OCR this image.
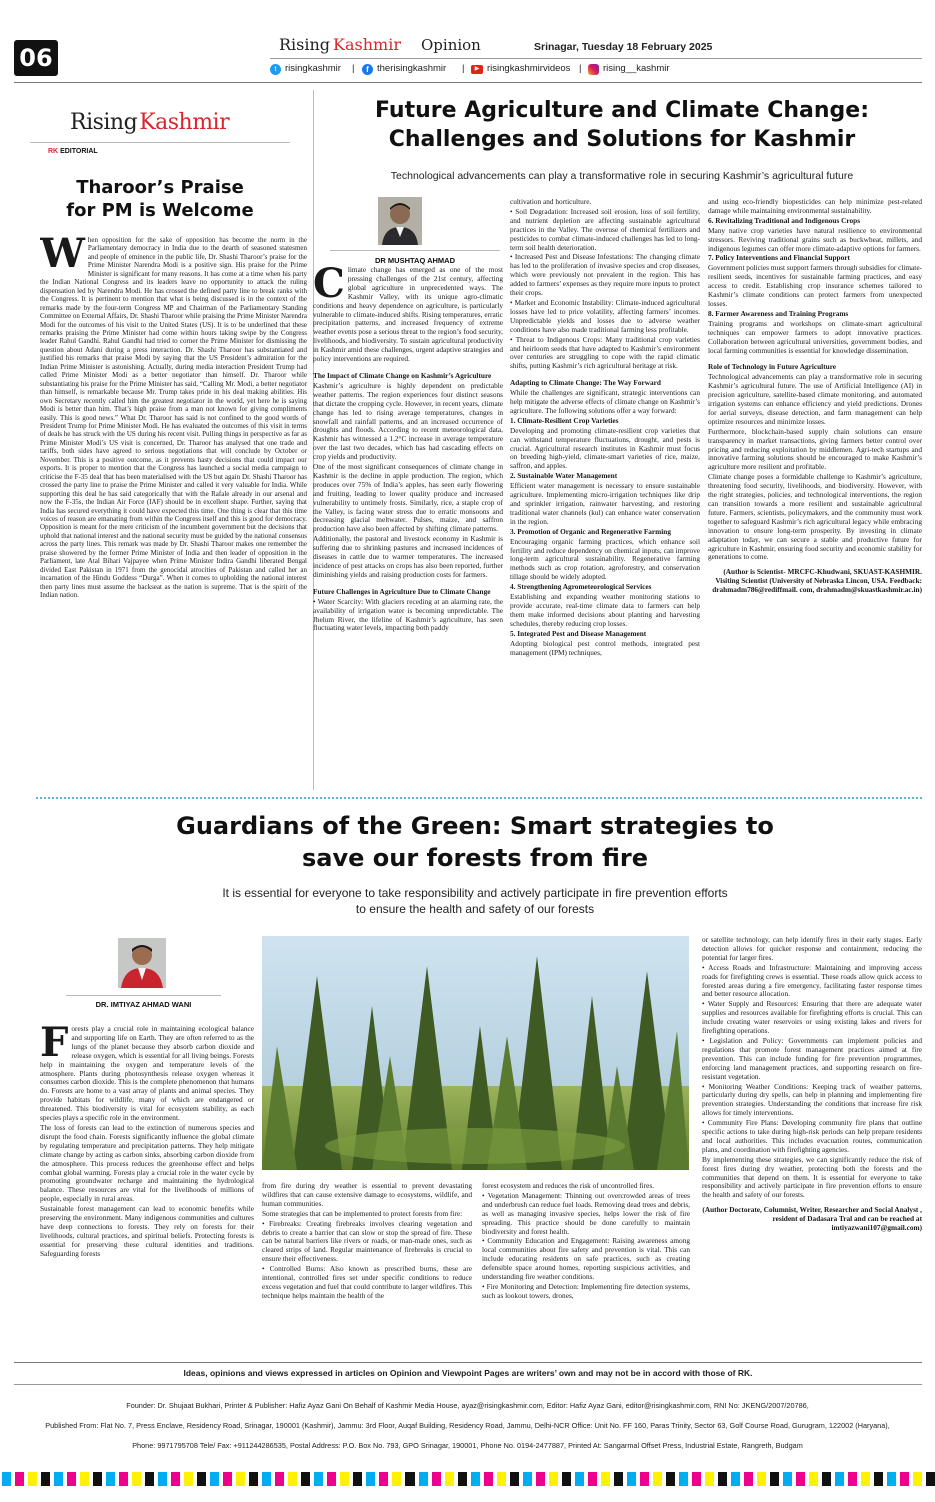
06	Rising Kashmir Opinion	Srinagar, Tuesday 18 February 2025
t risingkashmir |	f therisingkashmir |	▶ risingkashmirvideos | rising__kashmir
RisingKashmir
RK EDITORIAL
Tharoor’s Praise for PM is Welcome
W hen opposition for the sake of opposition has become the norm in the Parliamentary democracy in India due to the dearth of seasoned statesmen and people of eminence in the public life, Dr. Shashi Tharoor’s praise for the Prime Minister Narendra Modi is a positive sign. His praise for the Prime Minister is significant for many reasons. It has come at a time when his party the Indian National Congress and its leaders leave no opportunity to attack the ruling dispensation led by Narendra Modi. He has crossed the defined party line to break ranks with the Congress. It is pertinent to mention that what is being discussed is in the context of the remarks made by the four-term Congress MP and Chairman of the Parliamentary Standing Committee on External Affairs, Dr. Shashi Tharoor while praising the Prime Minister Narendra Modi for the outcomes of his visit to the United States (US). It is to be underlined that these remarks praising the Prime Minister had come within hours taking swipe by the Congress leader Rahul Gandhi. Rahul Gandhi had tried to corner the Prime Minister for dismissing the question about Adani during a press interaction. Dr. Shashi Tharoor has substantiated and justified his remarks that praise Modi by saying that the US President’s admiration for the Indian Prime Minister is astonishing. Actually, during media interaction President Trump had called Prime Minister Modi as a better negotiator than himself. Dr. Tharoor while substantiating his praise for the Prime Minister has said, “Calling Mr. Modi, a better negotiator than himself, is remarkable because Mr. Trump takes pride in his deal making abilities. His own Secretary recently called him the greatest negotiator in the world, yet here he is saying Modi is better than him. That’s high praise from a man not known for giving compliments easily. This is good news.” What Dr. Tharoor has said is not confined to the good words of President Trump for Prime Minister Modi. He has evaluated the outcomes of this visit in terms of deals he has struck with the US during his recent visit. Pulling things in perspective as far as Prime Minister Modi’s US visit is concerned, Dr. Tharoor has analysed that one trade and tariffs, both sides have agreed to serious negotiations that will conclude by October or November. This is a positive outcome, as it prevents hasty decisions that could impact our exports. It is proper to mention that the Congress has launched a social media campaign to criticise the F-35 deal that has been materialised with the US but again Dr. Shashi Tharoor has crossed the party line to praise the Prime Minister and called it very valuable for India. While supporting this deal he has said categorically that with the Rafale already in our arsenal and now the F-35s, the Indian Air Force (IAF) should be in excellent shape. Further, saying that India has secured everything it could have expected this time. One thing is clear that this time voices of reason are emanating from within the Congress itself and this is good for democracy. Opposition is meant for the mere criticism of the incumbent government but the decisions that uphold that national interest and the national security must be guided by the national consensus across the party lines. This remark was made by Dr. Shashi Tharoor makes one remember the praise showered by the former Prime Minister of India and then leader of opposition in the Parliament, late Atal Bihari Vajpayee when Prime Minister Indira Gandhi liberated Bengal divided East Pakistan in 1971 from the genocidal atrocities of Pakistan and called her an incarnation of the Hindu Goddess “Durga”. When it comes to upholding the national interest then party lines must assume the backseat as the nation is supreme. That is the spirit of the Indian nation.

Future Agriculture and Climate Change:
Challenges and Solutions for Kashmir
Technological advancements can play a transformative role in securing Kashmir’s agricultural future
DR MUSHTAQ AHMAD
C limate change has emerged as one of the most pressing challenges of the 21st century, affecting global agriculture in unprecedented ways. The Kashmir Valley, with its unique agro-climatic conditions and heavy dependence on agriculture, is particularly vulnerable to climate-induced shifts. Rising temperatures, erratic precipitation patterns, and increased frequency of extreme weather events pose a serious threat to the region’s food security, livelihoods, and biodiversity. To sustain agricultural productivity in Kashmir amid these challenges, urgent adaptive strategies and policy interventions are required.

The Impact of Climate Change on Kashmir’s Agriculture

Kashmir’s agriculture is highly dependent on predictable weather patterns. The region experiences four distinct seasons that dictate the cropping cycle. However, in recent years, climate change has led to rising average temperatures, changes in snowfall and rainfall patterns, and an increased occurrence of droughts and floods. According to recent meteorological data, Kashmir has witnessed a 1.2°C increase in average temperature over the last two decades, which has had cascading effects on crop yields and productivity.

One of the most significant consequences of climate change in Kashmir is the decline in apple production. The region, which produces over 75% of India’s apples, has seen early flowering and fruiting, leading to lower quality produce and increased vulnerability to untimely frosts. Similarly, rice, a staple crop of the Valley, is facing water stress due to erratic monsoons and decreasing glacial meltwater. Pulses, maize, and saffron production have also been affected by shifting climate patterns.

Additionally, the pastoral and livestock economy in Kashmir is suffering due to shrinking pastures and increased incidences of diseases in cattle due to warmer temperatures. The increased incidence of pest attacks on crops has also been reported, further diminishing yields and raising production costs for farmers.

Future Challenges in Agriculture Due to Climate Change

• Water Scarcity: With glaciers receding at an alarming rate, the availability of irrigation water is becoming unpredictable. The Jhelum River, the lifeline of Kashmir’s agriculture, has seen fluctuating water levels, impacting both paddy

cultivation and horticulture.

• Soil Degradation: Increased soil erosion, loss of soil fertility, and nutrient depletion are affecting sustainable agricultural practices in the Valley. The overuse of chemical fertilizers and pesticides to combat climate-induced challenges has led to long-term soil health deterioration.

• Increased Pest and Disease Infestations: The changing climate has led to the proliferation of invasive species and crop diseases, which were previously not prevalent in the region. This has added to farmers’ expenses as they require more inputs to protect their crops.

• Market and Economic Instability: Climate-induced agricultural losses have led to price volatility, affecting farmers’ incomes. Unpredictable yields and losses due to adverse weather conditions have also made traditional farming less profitable.

• Threat to Indigenous Crops: Many traditional crop varieties and heirloom seeds that have adapted to Kashmir’s environment over centuries are struggling to cope with the rapid climatic shifts, putting Kashmir’s rich agricultural heritage at risk.

Adapting to Climate Change: The Way Forward

While the challenges are significant, strategic interventions can help mitigate the adverse effects of climate change on Kashmir’s agriculture. The following solutions offer a way forward:

1. Climate-Resilient Crop Varieties

Developing and promoting climate-resilient crop varieties that can withstand temperature fluctuations, drought, and pests is crucial. Agricultural research institutes in Kashmir must focus on breeding high-yield, climate-smart varieties of rice, maize, saffron, and apples.

2. Sustainable Water Management

Efficient water management is necessary to ensure sustainable agriculture. Implementing micro-irrigation techniques like drip and sprinkler irrigation, rainwater harvesting, and restoring traditional water channels (kul) can enhance water conservation in the region.

3. Promotion of Organic and Regenerative Farming

Encouraging organic farming practices, which enhance soil fertility and reduce dependency on chemical inputs, can improve long-term agricultural sustainability. Regenerative farming methods such as crop rotation, agroforestry, and conservation tillage should be widely adopted.

4. Strengthening Agrometeorological Services

Establishing and expanding weather monitoring stations to provide accurate, real-time climate data to farmers can help them make informed decisions about planting and harvesting schedules, thereby reducing crop losses.

5. Integrated Pest and Disease Management

Adopting biological pest control methods, integrated pest management (IPM) techniques,

and using eco-friendly biopesticides can help minimize pest-related damage while maintaining environmental sustainability.

6. Revitalizing Traditional and Indigenous Crops

Many native crop varieties have natural resilience to environmental stressors. Reviving traditional grains such as buckwheat, millets, and indigenous legumes can offer more climate-adaptive options for farmers.

7. Policy Interventions and Financial Support

Government policies must support farmers through subsidies for climate-resilient seeds, incentives for sustainable farming practices, and easy access to credit. Establishing crop insurance schemes tailored to Kashmir’s climate conditions can protect farmers from unexpected losses.

8. Farmer Awareness and Training Programs

Training programs and workshops on climate-smart agricultural techniques can empower farmers to adopt innovative practices. Collaboration between agricultural universities, government bodies, and local farming communities is essential for knowledge dissemination.

Role of Technology in Future Agriculture

Technological advancements can play a transformative role in securing Kashmir’s agricultural future. The use of Artificial Intelligence (AI) in precision agriculture, satellite-based climate monitoring, and automated irrigation systems can enhance efficiency and yield predictions. Drones for aerial surveys, disease detection, and farm management can help optimize resources and minimize losses.

Furthermore, blockchain-based supply chain solutions can ensure transparency in market transactions, giving farmers better control over pricing and reducing exploitation by middlemen. Agri-tech startups and innovative farming solutions should be encouraged to make Kashmir’s agriculture more resilient and profitable.

Climate change poses a formidable challenge to Kashmir’s agriculture, threatening food security, livelihoods, and biodiversity. However, with the right strategies, policies, and technological interventions, the region can transition towards a more resilient and sustainable agricultural future. Farmers, scientists, policymakers, and the community must work together to safeguard Kashmir’s rich agricultural legacy while embracing innovation to ensure long-term prosperity. By investing in climate adaptation today, we can secure a stable and productive future for agriculture in Kashmir, ensuring food security and economic stability for generations to come.

(Author is Scientist- MRCFC-Khudwani, SKUAST-KASHMIR. Visiting Scientist (University of Nebraska Lincon, USA. Feedback: drahmadm786@rediffmail. com, drahmadm@skuastkashmir.ac.in)

Guardians of the Green: Smart strategies to
save our forests from fire
It is essential for everyone to take responsibility and actively participate in fire prevention efforts
to ensure the health and safety of our forests
DR. IMTIYAZ AHMAD WANI
F orests play a crucial role in maintaining ecological balance and supporting life on Earth. They are often referred to as the lungs of the planet because they absorb carbon dioxide and release oxygen, which is essential for all living beings. Forests help in maintaining the oxygen and temperature levels of the atmosphere. Plants during photosynthesis release oxygen whereas it consumes carbon dioxide. This is the complete phenomenon that humans do. Forests are home to a vast array of plants and animal species. They provide habitats for wildlife, many of which are endangered or threatened. This biodiversity is vital for ecosystem stability, as each species plays a specific role in the environment.

The loss of forests can lead to the extinction of numerous species and disrupt the food chain. Forests significantly influence the global climate by regulating temperature and precipitation patterns. They help mitigate climate change by acting as carbon sinks, absorbing carbon dioxide from the atmosphere. This process reduces the greenhouse effect and helps combat global warming. Forests play a crucial role in the water cycle by promoting groundwater recharge and maintaining the hydrological balance. These resources are vital for the livelihoods of millions of people, especially in rural areas.

Sustainable forest management can lead to economic benefits while preserving the environment. Many indigenous communities and cultures have deep connections to forests. They rely on forests for their livelihoods, cultural practices, and spiritual beliefs. Protecting forests is essential for preserving these cultural identities and traditions. Safeguarding forests

from fire during dry weather is essential to prevent devastating wildfires that can cause extensive damage to ecosystems, wildlife, and human communities.

Some strategies that can be implemented to protect forests from fire:

• Firebreaks: Creating firebreaks involves clearing vegetation and debris to create a barrier that can slow or stop the spread of fire. These can be natural barriers like rivers or roads, or man-made ones, such as cleared strips of land. Regular maintenance of firebreaks is crucial to ensure their effectiveness.

• Controlled Burns: Also known as prescribed burns, these are intentional, controlled fires set under specific conditions to reduce excess vegetation and fuel that could contribute to larger wildfires. This technique helps maintain the health of the

forest ecosystem and reduces the risk of uncontrolled fires.

• Vegetation Management: Thinning out overcrowded areas of trees and underbrush can reduce fuel loads. Removing dead trees and debris, as well as managing invasive species, helps lower the risk of fire spreading. This practice should be done carefully to maintain biodiversity and forest health.

• Community Education and Engagement: Raising awareness among local communities about fire safety and prevention is vital. This can include educating residents on safe practices, such as creating defensible space around homes, reporting suspicious activities, and understanding fire weather conditions.

• Fire Monitoring and Detection: Implementing fire detection systems, such as lookout towers, drones,

or satellite technology, can help identify fires in their early stages. Early detection allows for quicker response and containment, reducing the potential for larger fires.

• Access Roads and Infrastructure: Maintaining and improving access roads for firefighting crews is essential. These roads allow quick access to forested areas during a fire emergency, facilitating faster response times and better resource allocation.

• Water Supply and Resources: Ensuring that there are adequate water supplies and resources available for firefighting efforts is crucial. This can include creating water reservoirs or using existing lakes and rivers for firefighting operations.

• Legislation and Policy: Governments can implement policies and regulations that promote forest management practices aimed at fire prevention. This can include funding for fire prevention programmes, enforcing land management practices, and supporting research on fire-resistant vegetation.

• Monitoring Weather Conditions: Keeping track of weather patterns, particularly during dry spells, can help in planning and implementing fire prevention strategies. Understanding the conditions that increase fire risk allows for timely interventions.

• Community Fire Plans: Developing community fire plans that outline specific actions to take during high-risk periods can help prepare residents and local authorities. This includes evacuation routes, communication plans, and coordination with firefighting agencies.

By implementing these strategies, we can significantly reduce the risk of forest fires during dry weather, protecting both the forests and the communities that depend on them. It is essential for everyone to take responsibility and actively participate in fire prevention efforts to ensure the health and safety of our forests.

(Author Doctorate, Columnist, Writer, Researcher and Social Analyst , resident of Dadasara Tral and can be reached at imtiyazwani107@gmail.com)

Ideas, opinions and views expressed in articles on Opinion and Viewpoint Pages are writers’ own and may not be in accord with those of RK.
Founder: Dr. Shujaat Bukhari, Printer & Publisher: Hafiz Ayaz Gani On Behalf of Kashmir Media House, ayaz@risingkashmir.com, Editor: Hafiz Ayaz Gani, editor@risingkashmir.com, RNI No: JKENG/2007/20786,
Published From: Flat No. 7, Press Enclave, Residency Road, Srinagar, 190001 (Kashmir), Jammu: 3rd Floor, Auqaf Building, Residency Road, Jammu, Delhi-NCR Office: Unit No. FF 160, Paras Trinity, Sector 63, Golf Course Road, Gurugram, 122002 (Haryana),
Phone: 9971795708 Tele/ Fax: +911244286535, Postal Address: P.O. Box No. 793, GPO Srinagar, 190001, Phone No. 0194-2477887, Printed At: Sangarmal Offset Press, Industrial Estate, Rangreth, Budgam
